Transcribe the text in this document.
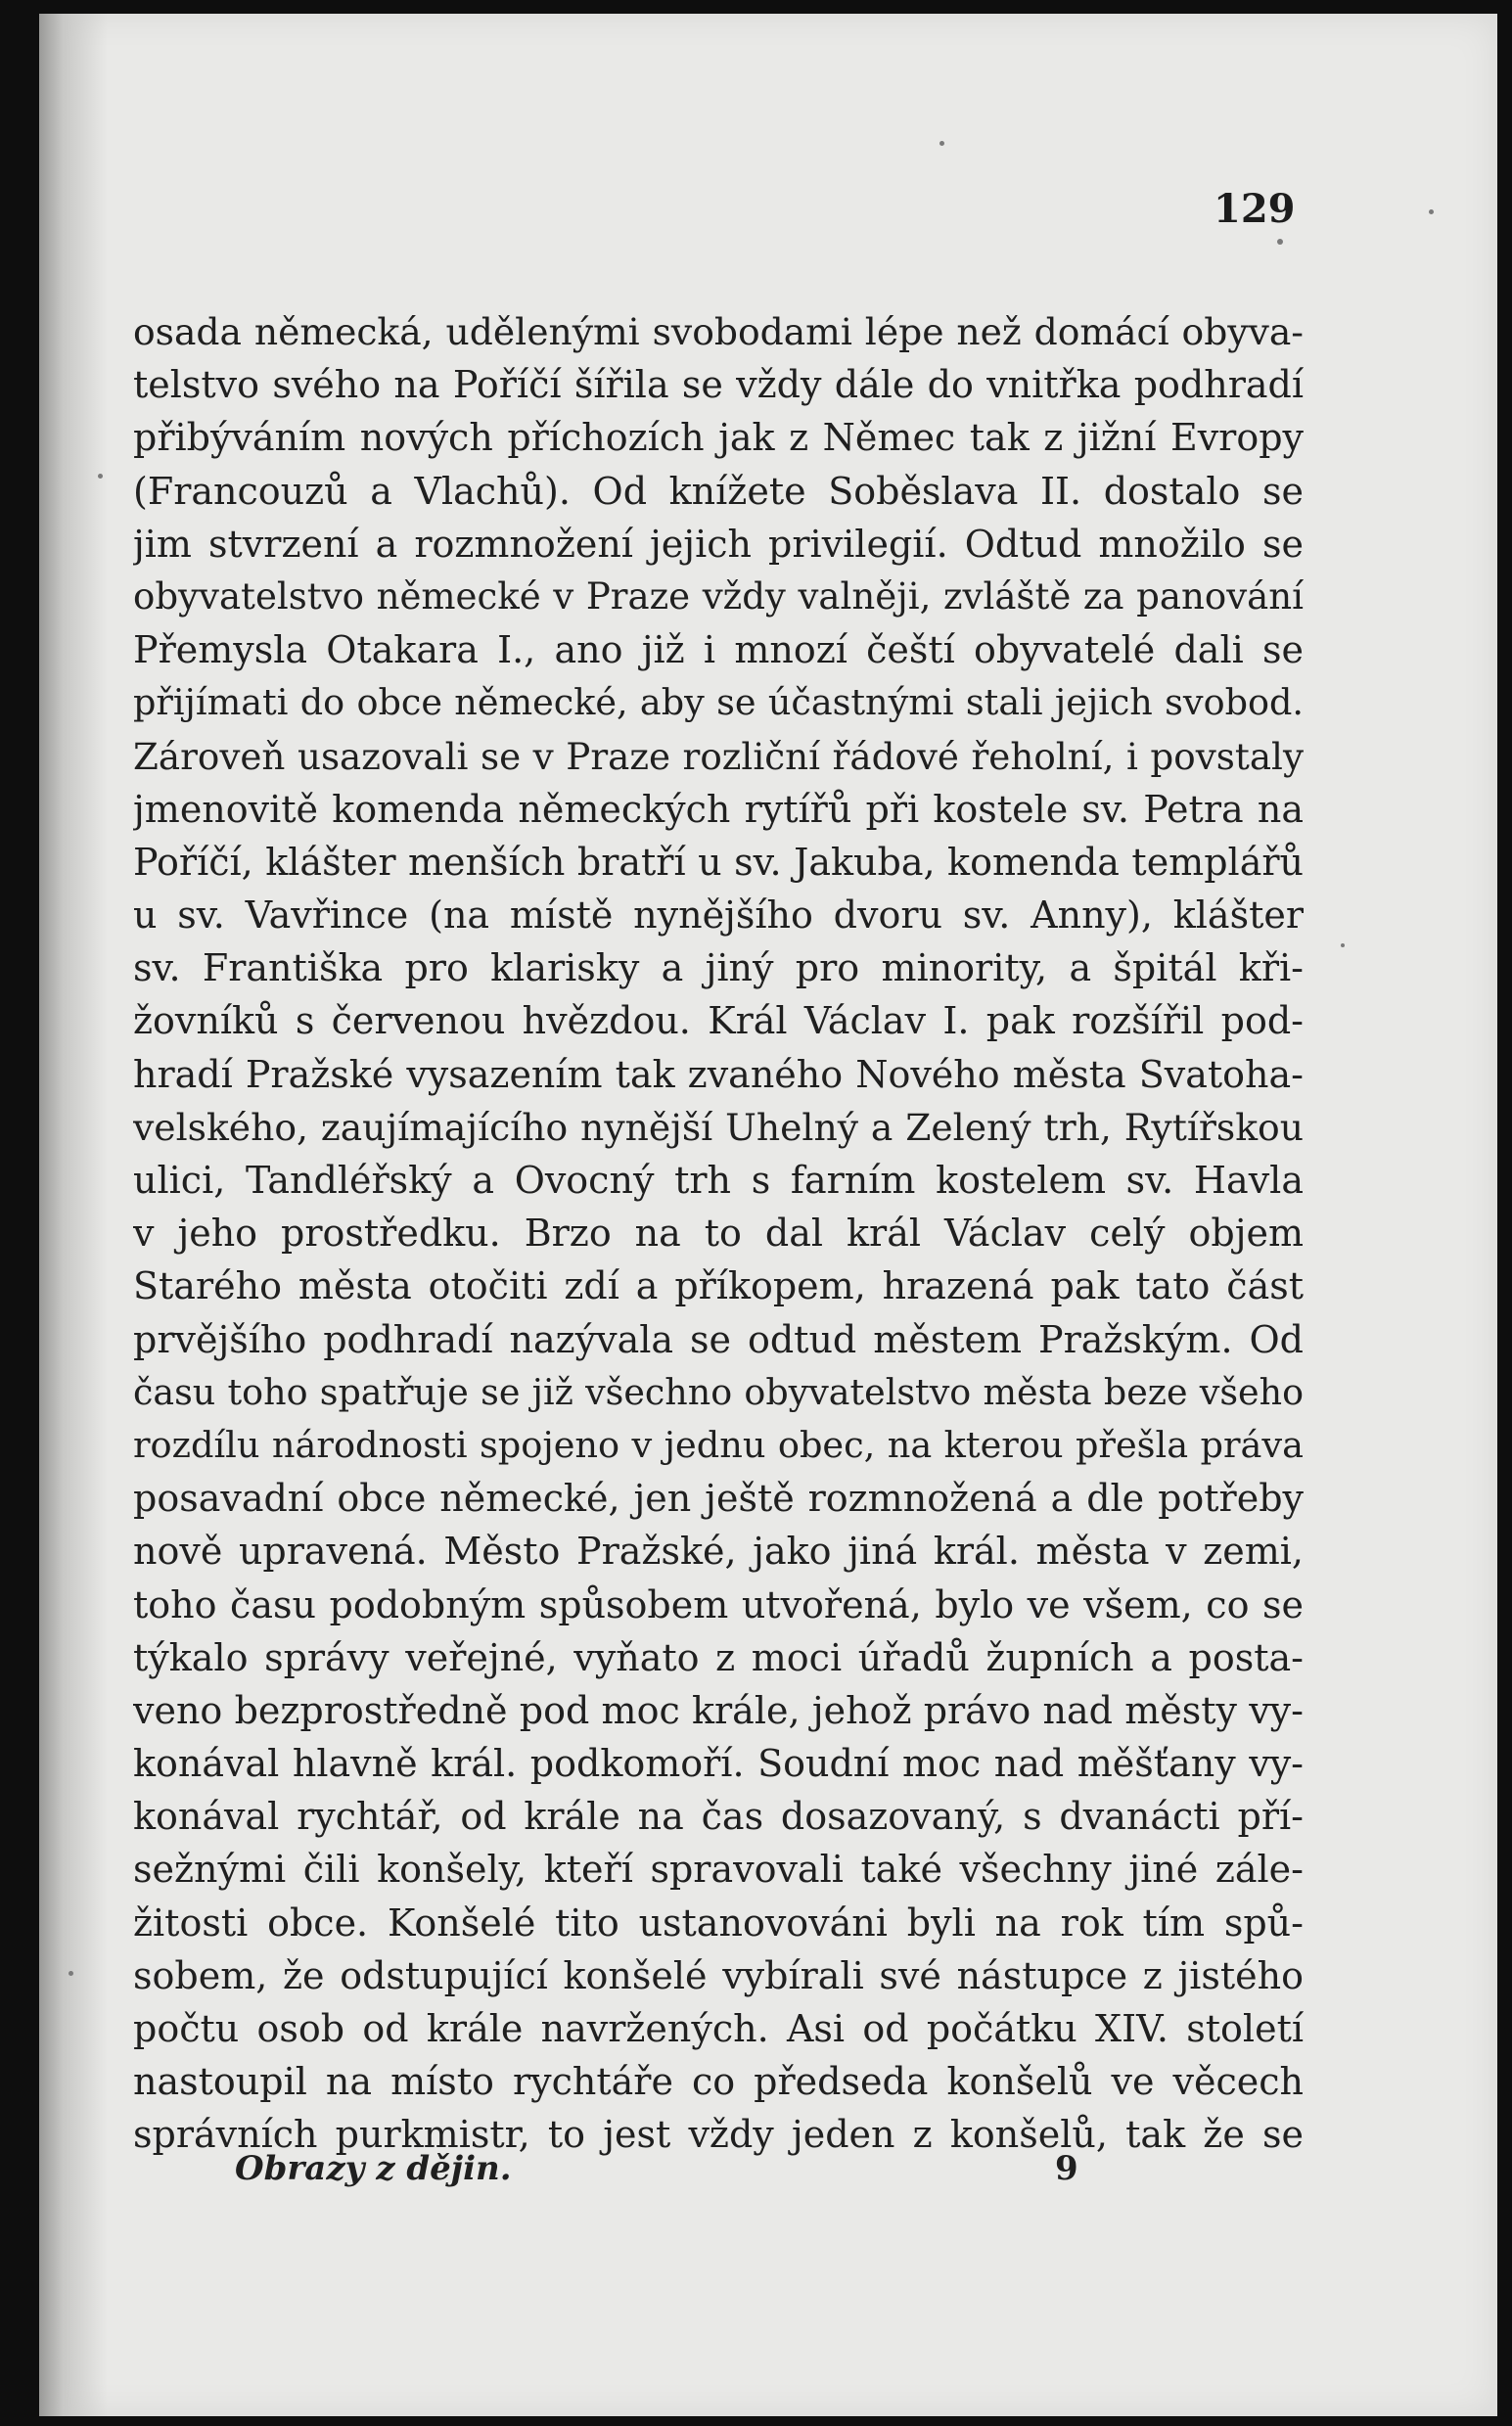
129

osada německá, udělenými svobodami lépe než domácí obyva-
telstvo svého na Poříčí šířila se vždy dále do vnitřka podhradí
přibýváním nových příchozích jak z Němec tak z jižní Evropy
(Francouzů a Vlachů). Od knížete Soběslava II. dostalo se
jim stvrzení a rozmnožení jejich privilegií. Odtud množilo se
obyvatelstvo německé v Praze vždy valněji, zvláště za panování
Přemysla Otakara I., ano již i mnozí čeští obyvatelé dali se
přijímati do obce německé, aby se účastnými stali jejich svobod.
Zároveň usazovali se v Praze rozliční řádové řeholní, i povstaly
jmenovitě komenda německých rytířů při kostele sv. Petra na
Poříčí, klášter menších bratří u sv. Jakuba, komenda templářů
u sv. Vavřince (na místě nynějšího dvoru sv. Anny), klášter
sv. Františka pro klarisky a jiný pro minority, a špitál kři-
žovníků s červenou hvězdou. Král Václav I. pak rozšířil pod-
hradí Pražské vysazením tak zvaného Nového města Svatoha-
velského, zaujímajícího nynější Uhelný a Zelený trh, Rytířskou
ulici, Tandléřský a Ovocný trh s farním kostelem sv. Havla
v jeho prostředku. Brzo na to dal král Václav celý objem
Starého města otočiti zdí a příkopem, hrazená pak tato část
prvějšího podhradí nazývala se odtud městem Pražským. Od
času toho spatřuje se již všechno obyvatelstvo města beze všeho
rozdílu národnosti spojeno v jednu obec, na kterou přešla práva
posavadní obce německé, jen ještě rozmnožená a dle potřeby
nově upravená. Město Pražské, jako jiná král. města v zemi,
toho času podobným spůsobem utvořená, bylo ve všem, co se
týkalo správy veřejné, vyňato z moci úřadů župních a posta-
veno bezprostředně pod moc krále, jehož právo nad městy vy-
konával hlavně král. podkomoří. Soudní moc nad měšťany vy-
konával rychtář, od krále na čas dosazovaný, s dvanácti pří-
sežnými čili konšely, kteří spravovali také všechny jiné zále-
žitosti obce. Konšelé tito ustanovováni byli na rok tím spů-
sobem, že odstupující konšelé vybírali své nástupce z jistého
počtu osob od krále navržených. Asi od počátku XIV. století
nastoupil na místo rychtáře co předseda konšelů ve věcech
správních purkmistr, to jest vždy jeden z konšelů, tak že se

Obrazy z dějin.	9
